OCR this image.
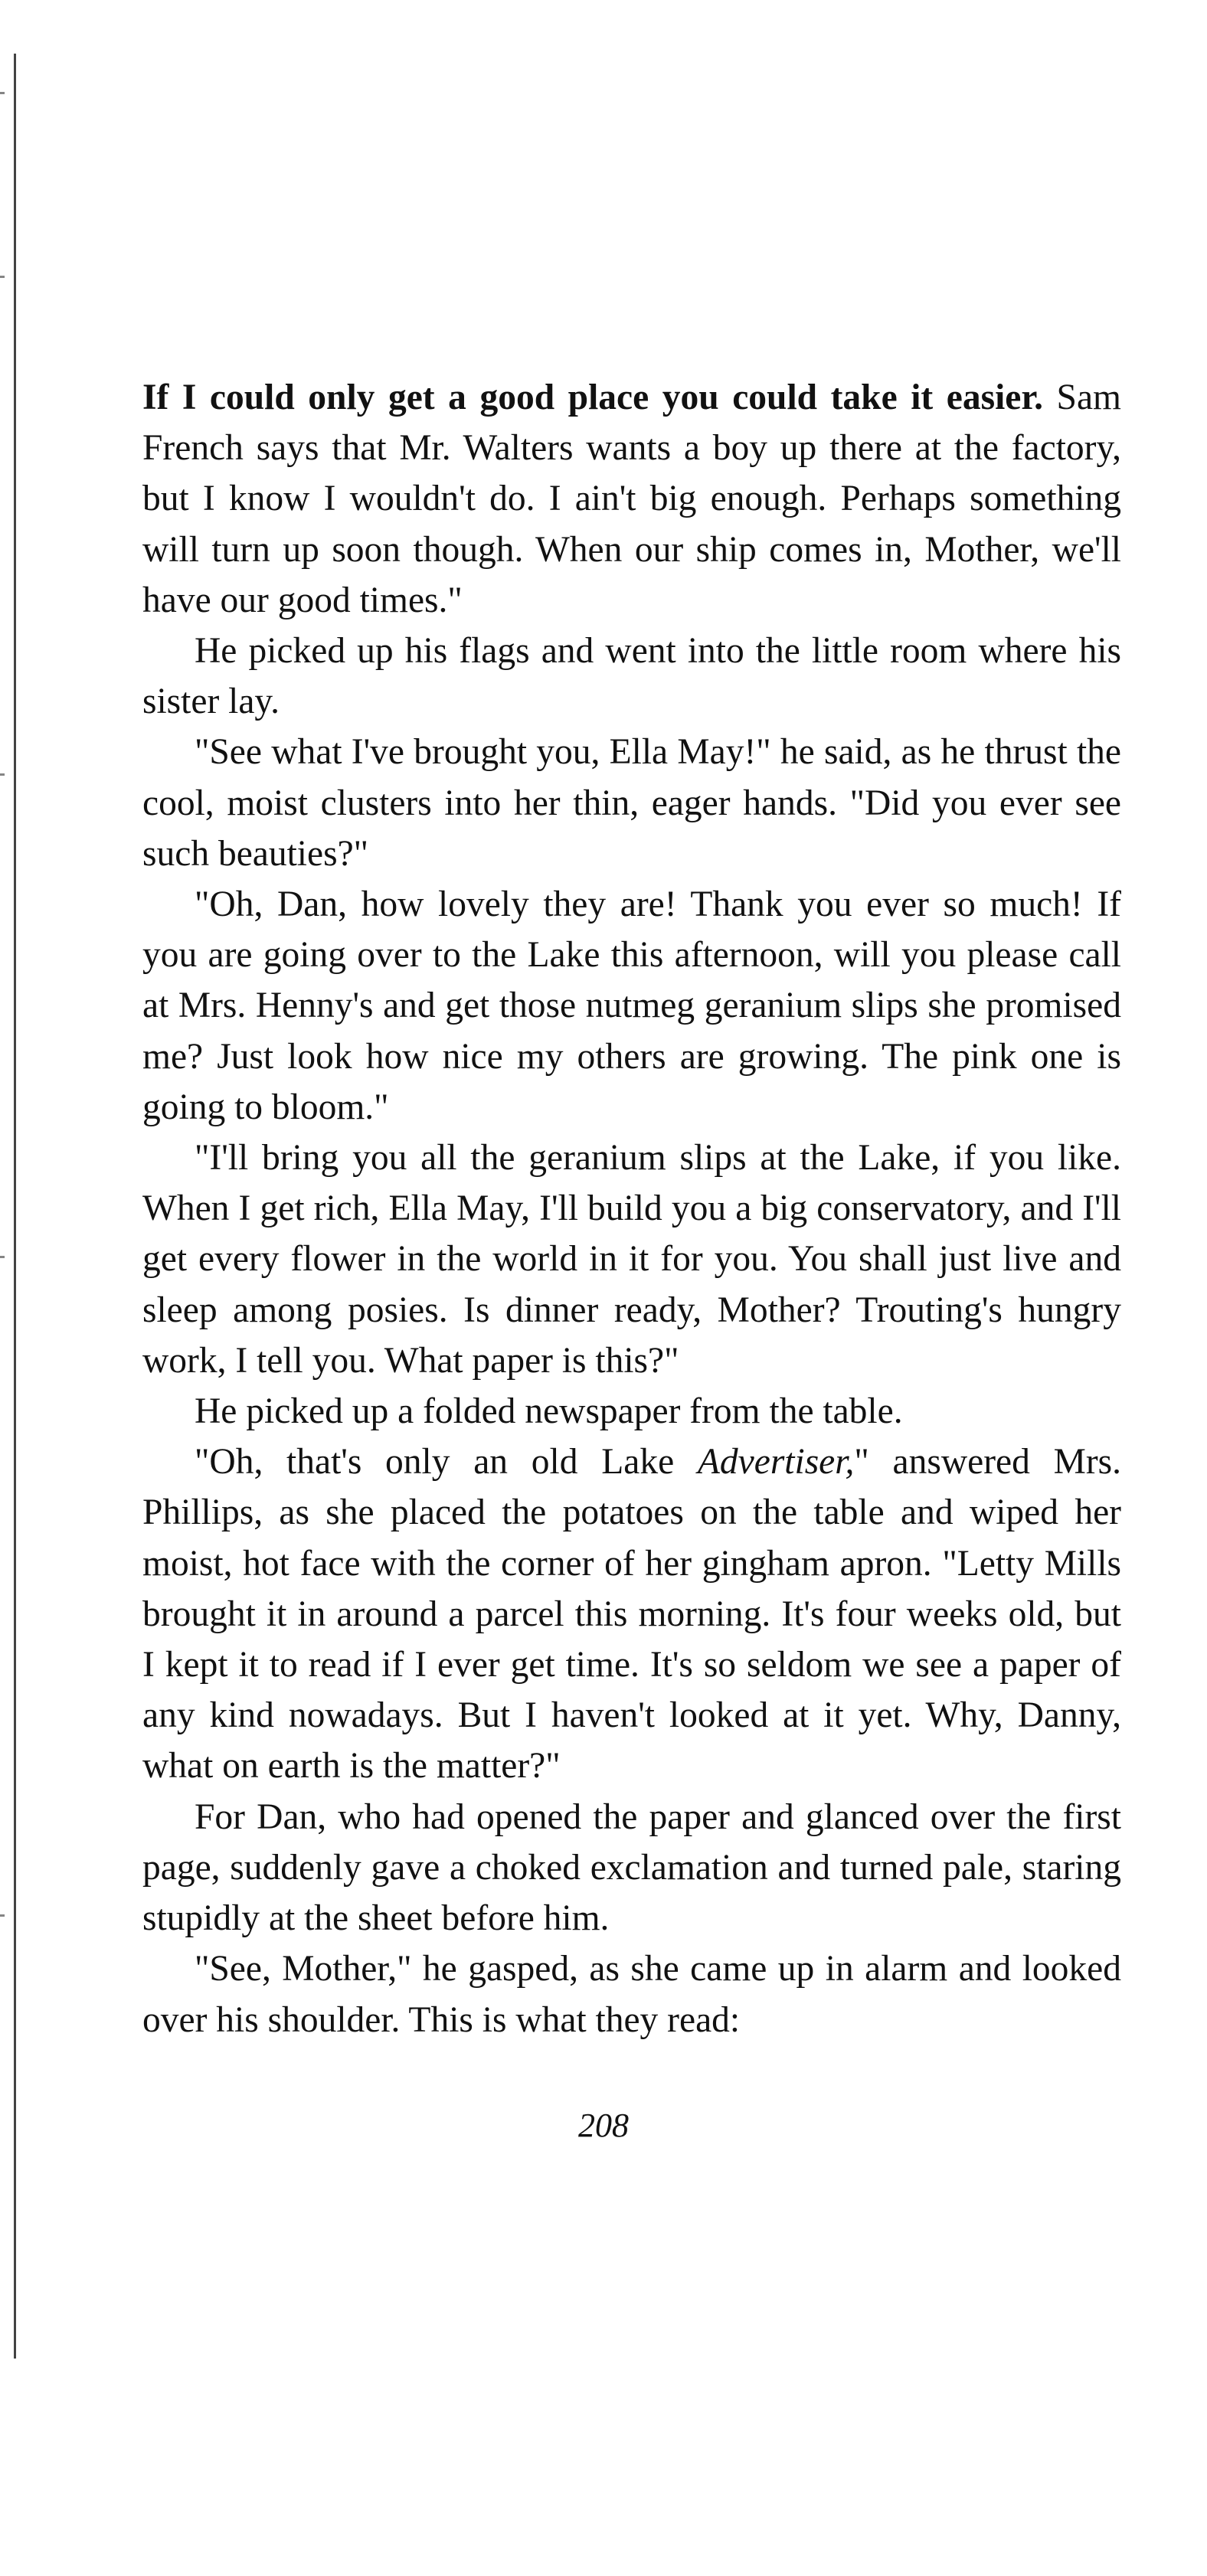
If I could only get a good place you could take it easier. Sam French says that Mr. Walters wants a boy up there at the factory, but I know I wouldn't do. I ain't big enough. Perhaps something will turn up soon though. When our ship comes in, Mother, we'll have our good times."

He picked up his flags and went into the little room where his sister lay.

"See what I've brought you, Ella May!" he said, as he thrust the cool, moist clusters into her thin, eager hands. "Did you ever see such beauties?"

"Oh, Dan, how lovely they are! Thank you ever so much! If you are going over to the Lake this afternoon, will you please call at Mrs. Henny's and get those nutmeg geranium slips she promised me? Just look how nice my others are growing. The pink one is going to bloom."

"I'll bring you all the geranium slips at the Lake, if you like. When I get rich, Ella May, I'll build you a big conservatory, and I'll get every flower in the world in it for you. You shall just live and sleep among posies. Is dinner ready, Mother? Trouting's hungry work, I tell you. What paper is this?"

He picked up a folded newspaper from the table.

"Oh, that's only an old Lake Advertiser," answered Mrs. Phillips, as she placed the potatoes on the table and wiped her moist, hot face with the corner of her gingham apron. "Letty Mills brought it in around a parcel this morning. It's four weeks old, but I kept it to read if I ever get time. It's so seldom we see a paper of any kind nowadays. But I haven't looked at it yet. Why, Danny, what on earth is the matter?"

For Dan, who had opened the paper and glanced over the first page, suddenly gave a choked exclamation and turned pale, staring stupidly at the sheet before him.

"See, Mother," he gasped, as she came up in alarm and looked over his shoulder. This is what they read:

208
